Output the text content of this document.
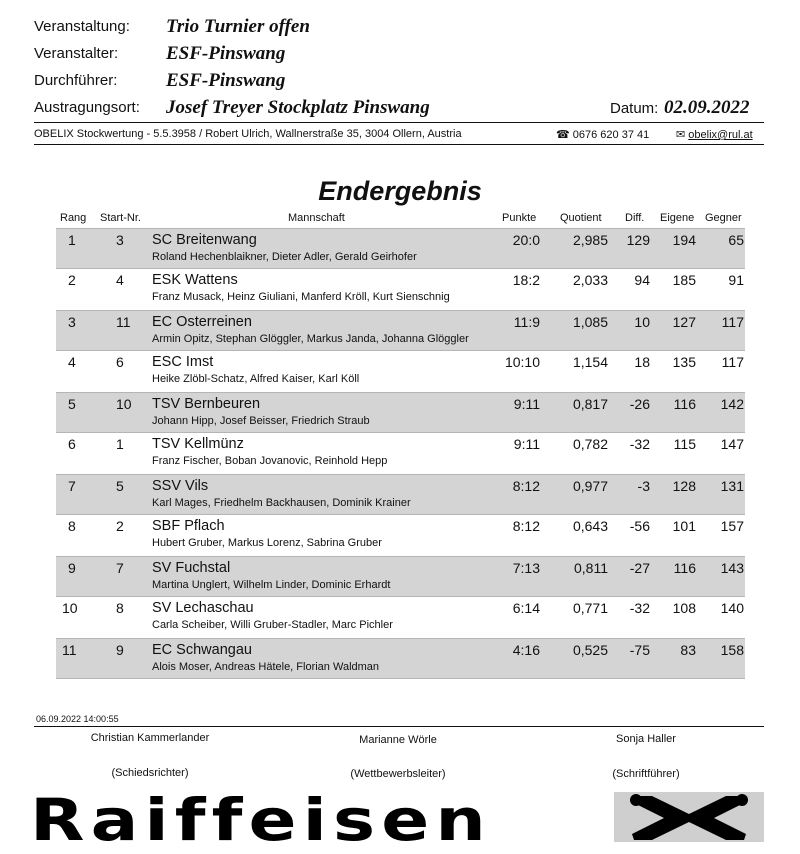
Veranstaltung: Trio Turnier offen
Veranstalter:	ESF-Pinswang
Durchführer:	ESF-Pinswang
Austragungsort: Josef Treyer Stockplatz Pinswang	Datum: 02.09.2022
OBELIX Stockwertung - 5.5.3958 / Robert Ulrich, Wallnerstraße 35, 3004 Ollern, Austria	☎ 0676 620 37 41 ✉ obelix@rul.at
Endergebnis
Rang Start-Nr.	Mannschaft	Punkte Quotient Diff. Eigene Gegner
1	3 SC Breitenwang
Roland Hechenblaikner, Dieter Adler, Gerald Geirhofer
20:0	2,985	129	194	65
2	4 ESK Wattens
Franz Musack, Heinz Giuliani, Manferd Kröll, Kurt Sienschnig
18:2	2,033	94	185	91
3	11 EC Osterreinen
Armin Opitz, Stephan Glöggler, Markus Janda, Johanna Glöggler
11:9	1,085	10	127	117
4	6 ESC Imst
Heike Zlöbl-Schatz, Alfred Kaiser, Karl Köll
10:10	1,154	18	135	117
5	10 TSV Bernbeuren
Johann Hipp, Josef Beisser, Friedrich Straub
9:11	0,817	-26	116	142
6	1 TSV Kellmünz
Franz Fischer, Boban Jovanovic, Reinhold Hepp
9:11	0,782	-32	115	147
7	5 SSV Vils
Karl Mages, Friedhelm Backhausen, Dominik Krainer
8:12	0,977	-3	128	131
8	2 SBF Pflach
Hubert Gruber, Markus Lorenz, Sabrina Gruber
8:12	0,643	-56	101	157
9	7 SV Fuchstal
Martina Unglert, Wilhelm Linder, Dominic Erhardt
7:13	0,811	-27	116	143
10	8 SV Lechaschau
Carla Scheiber, Willi Gruber-Stadler, Marc Pichler
6:14	0,771	-32	108	140
11	9 EC Schwangau
Alois Moser, Andreas Hätele, Florian Waldman
4:16	0,525	-75	83	158
06.09.2022 14:00:55
Christian Kammerlander	Marianne Wörle	Sonja Haller
(Schiedsrichter)	(Wettbewerbsleiter)	(Schriftführer)
Raiffeisen
